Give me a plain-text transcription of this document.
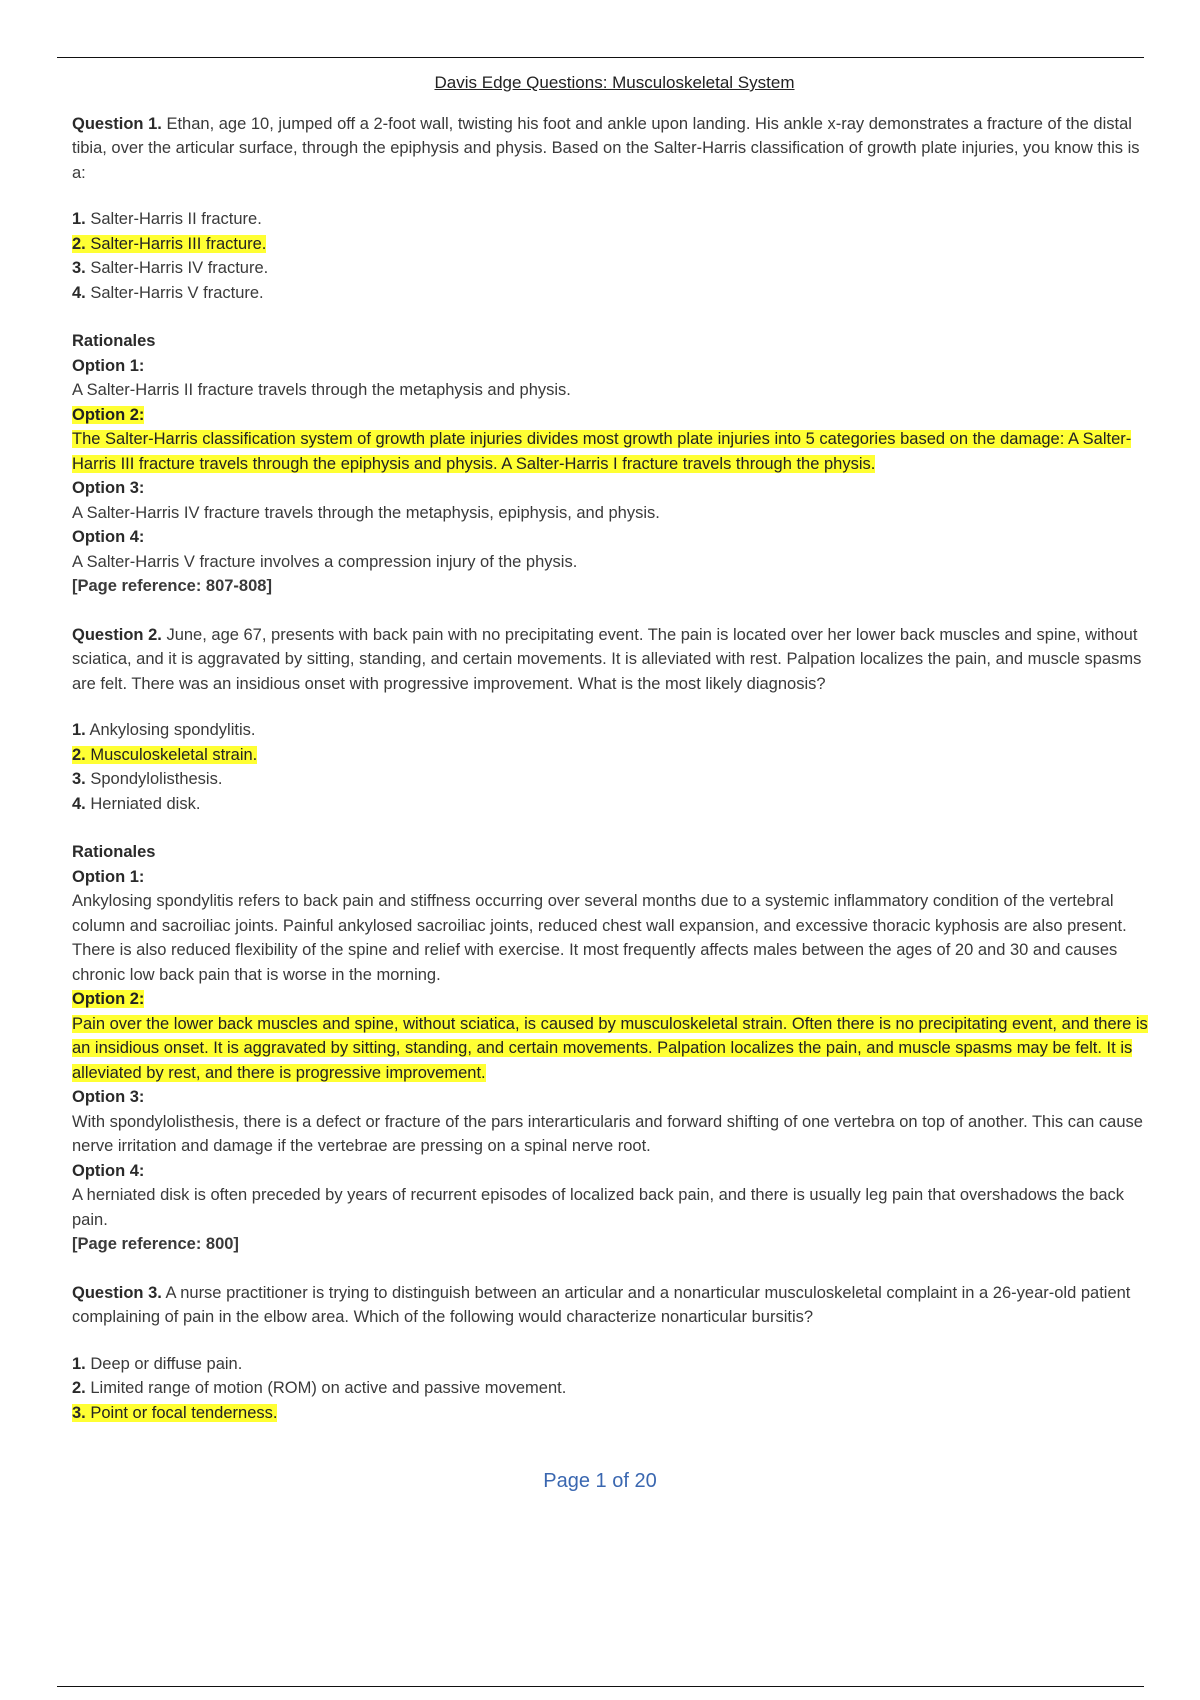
Davis Edge Questions: Musculoskeletal System

Question 1. Ethan, age 10, jumped off a 2-foot wall, twisting his foot and ankle upon landing. His ankle x-ray demonstrates a fracture of the distal tibia, over the articular surface, through the epiphysis and physis. Based on the Salter-Harris classification of growth plate injuries, you know this is a:

1. Salter-Harris II fracture.
2. Salter-Harris III fracture.
3. Salter-Harris IV fracture.
4. Salter-Harris V fracture.
Rationales
Option 1:
A Salter-Harris II fracture travels through the metaphysis and physis.
Option 2:
The Salter-Harris classification system of growth plate injuries divides most growth plate injuries into 5 categories based on the damage: A Salter-Harris III fracture travels through the epiphysis and physis. A Salter-Harris I fracture travels through the physis.
Option 3:
A Salter-Harris IV fracture travels through the metaphysis, epiphysis, and physis.
Option 4:
A Salter-Harris V fracture involves a compression injury of the physis.
[Page reference: 807-808]

Question 2. June, age 67, presents with back pain with no precipitating event. The pain is located over her lower back muscles and spine, without sciatica, and it is aggravated by sitting, standing, and certain movements. It is alleviated with rest. Palpation localizes the pain, and muscle spasms are felt. There was an insidious onset with progressive improvement. What is the most likely diagnosis?

1. Ankylosing spondylitis.
2. Musculoskeletal strain.
3. Spondylolisthesis.
4. Herniated disk.
Rationales
Option 1:
Ankylosing spondylitis refers to back pain and stiffness occurring over several months due to a systemic inflammatory condition of the vertebral column and sacroiliac joints. Painful ankylosed sacroiliac joints, reduced chest wall expansion, and excessive thoracic kyphosis are also present. There is also reduced flexibility of the spine and relief with exercise. It most frequently affects males between the ages of 20 and 30 and causes chronic low back pain that is worse in the morning.
Option 2:
Pain over the lower back muscles and spine, without sciatica, is caused by musculoskeletal strain. Often there is no precipitating event, and there is an insidious onset. It is aggravated by sitting, standing, and certain movements. Palpation localizes the pain, and muscle spasms may be felt. It is alleviated by rest, and there is progressive improvement.
Option 3:
With spondylolisthesis, there is a defect or fracture of the pars interarticularis and forward shifting of one vertebra on top of another. This can cause nerve irritation and damage if the vertebrae are pressing on a spinal nerve root.
Option 4:
A herniated disk is often preceded by years of recurrent episodes of localized back pain, and there is usually leg pain that overshadows the back pain.
[Page reference: 800]

Question 3. A nurse practitioner is trying to distinguish between an articular and a nonarticular musculoskeletal complaint in a 26-year-old patient complaining of pain in the elbow area. Which of the following would characterize nonarticular bursitis?

1. Deep or diffuse pain.
2. Limited range of motion (ROM) on active and passive movement.
3. Point or focal tenderness.
Page 1 of 20
